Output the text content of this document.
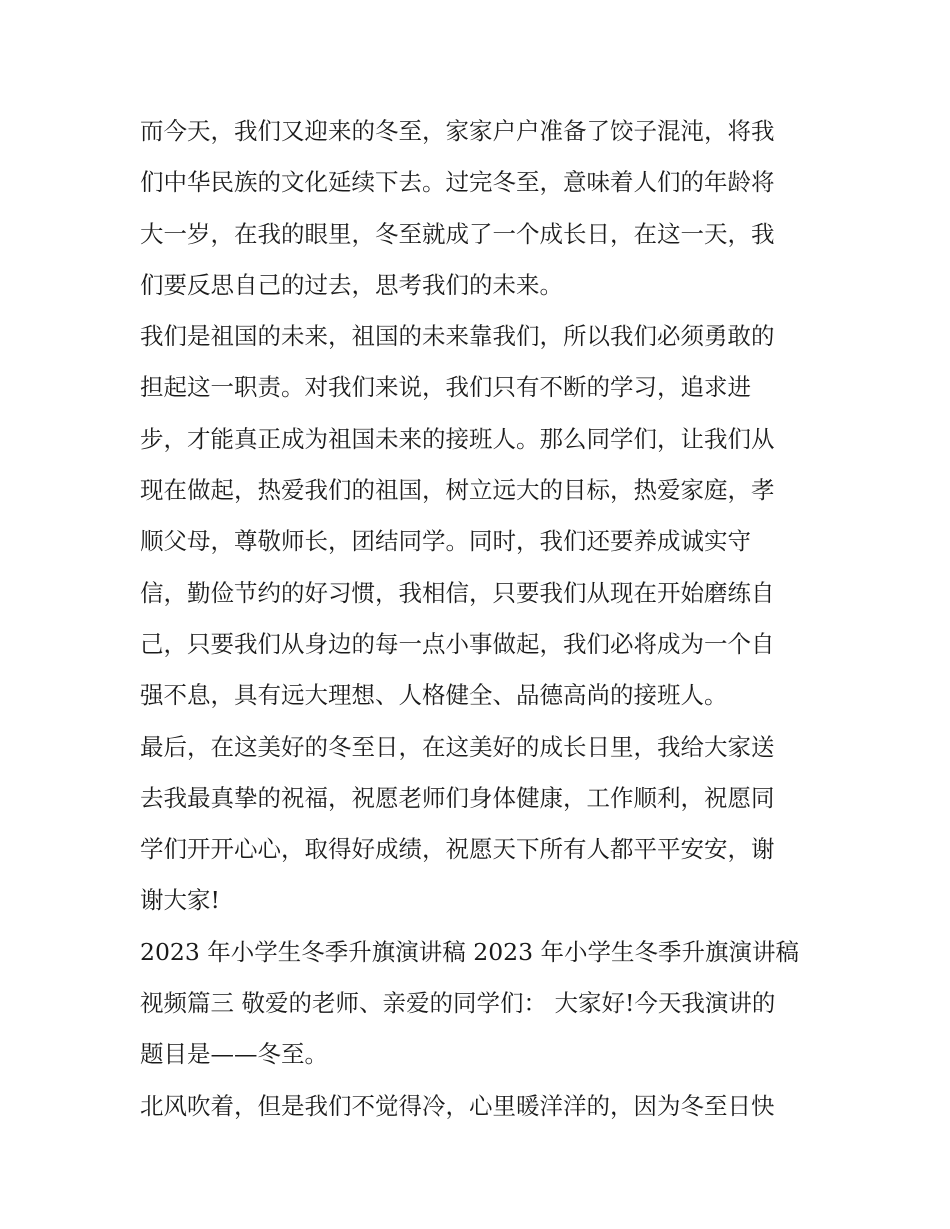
而今天，我们又迎来的冬至，家家户户准备了饺子混沌，将我
们中华民族的文化延续下去。过完冬至，意味着人们的年龄将
大一岁，在我的眼里，冬至就成了一个成长日，在这一天，我
们要反思自己的过去，思考我们的未来。
我们是祖国的未来，祖国的未来靠我们，所以我们必须勇敢的
担起这一职责。对我们来说，我们只有不断的学习，追求进
步，才能真正成为祖国未来的接班人。那么同学们，让我们从
现在做起，热爱我们的祖国，树立远大的目标，热爱家庭，孝
顺父母，尊敬师长，团结同学。同时，我们还要养成诚实守
信，勤俭节约的好习惯，我相信，只要我们从现在开始磨练自
己，只要我们从身边的每一点小事做起，我们必将成为一个自
强不息，具有远大理想、人格健全、品德高尚的接班人。
最后，在这美好的冬至日，在这美好的成长日里，我给大家送
去我最真挚的祝福，祝愿老师们身体健康，工作顺利，祝愿同
学们开开心心，取得好成绩，祝愿天下所有人都平平安安，谢
谢大家!
2023 年小学生冬季升旗演讲稿 2023 年小学生冬季升旗演讲稿
视频篇三 敬爱的老师、亲爱的同学们： 大家好!今天我演讲的
题目是——冬至。
北风吹着，但是我们不觉得冷，心里暖洋洋的，因为冬至日快
